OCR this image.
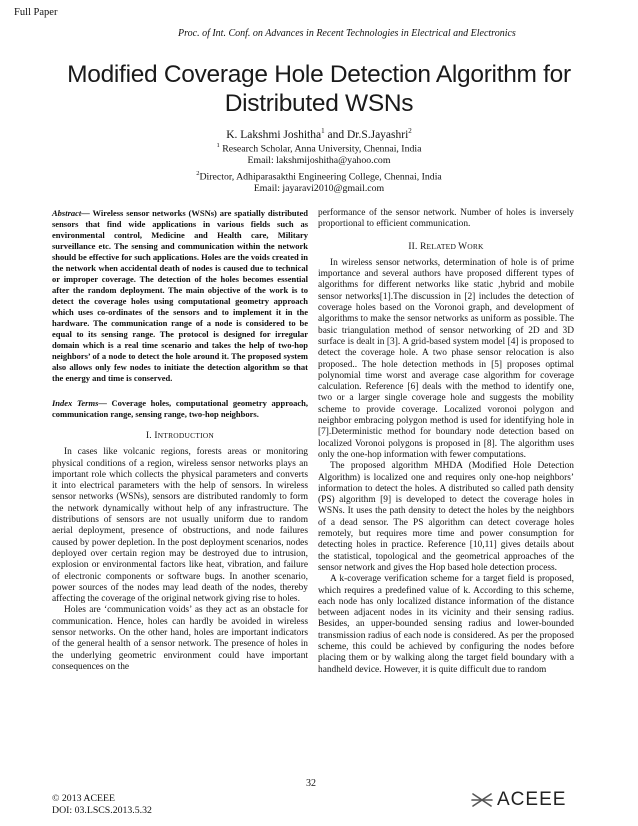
Full Paper
Proc. of Int. Conf. on Advances in Recent Technologies in Electrical and Electronics
Modified Coverage Hole Detection Algorithm for
Distributed WSNs
K. Lakshmi Joshitha$^1$ and Dr.S.Jayashri$^2$
$^1$ Research Scholar, Anna University, Chennai, India
Email: lakshmijoshitha@yahoo.com
$^2$Director, Adhiparasakthi Engineering College, Chennai, India
Email: jayaravi2010@gmail.com

Abstract— Wireless sensor networks (WSNs) are spatially distributed sensors that find wide applications in various fields such as environmental control, Medicine and Health care, Military surveillance etc. The sensing and communication within the network should be effective for such applications. Holes are the voids created in the network when accidental death of nodes is caused due to technical or improper coverage. The detection of the holes becomes essential after the random deployment. The main objective of the work is to detect the coverage holes using computational geometry approach which uses co-ordinates of the sensors and to implement it in the hardware. The communication range of a node is considered to be equal to its sensing range. The protocol is designed for irregular domain which is a real time scenario and takes the help of two-hop neighbors’ of a node to detect the hole around it. The proposed system also allows only few nodes to initiate the detection algorithm so that the energy and time is conserved.

Index Terms— Coverage holes, computational geometry approach, communication range, sensing range, two-hop neighbors.

I. INTRODUCTION

In cases like volcanic regions, forests areas or monitoring physical conditions of a region, wireless sensor networks plays an important role which collects the physical parameters and converts it into electrical parameters with the help of sensors. In wireless sensor networks (WSNs), sensors are distributed randomly to form the network dynamically without help of any infrastructure. The distributions of sensors are not usually uniform due to random aerial deployment, presence of obstructions, and node failures caused by power depletion. In the post deployment scenarios, nodes deployed over certain region may be destroyed due to intrusion, explosion or environmental factors like heat, vibration, and failure of electronic components or software bugs. In another scenario, power sources of the nodes may lead death of the nodes, thereby affecting the coverage of the original network giving rise to holes.

Holes are ‘communication voids’ as they act as an obstacle for communication. Hence, holes can hardly be avoided in wireless sensor networks. On the other hand, holes are important indicators of the general health of a sensor network. The presence of holes in the underlying geometric environment could have important consequences on the

performance of the sensor network. Number of holes is inversely proportional to efficient communication.

II. RELATED WORK

In wireless sensor networks, determination of hole is of prime importance and several authors have proposed different types of algorithms for different networks like static ,hybrid and mobile sensor networks[1].The discussion in [2] includes the detection of coverage holes based on the Voronoi graph, and development of algorithms to make the sensor networks as uniform as possible. The basic triangulation method of sensor networking of 2D and 3D surface is dealt in [3]. A grid-based system model [4] is proposed to detect the coverage hole. A two phase sensor relocation is also proposed.. The hole detection methods in [5] proposes optimal polynomial time worst and average case algorithm for coverage calculation. Reference [6] deals with the method to identify one, two or a larger single coverage hole and suggests the mobility scheme to provide coverage. Localized voronoi polygon and neighbor embracing polygon method is used for identifying hole in [7].Deterministic method for boundary node detection based on localized Voronoi polygons is proposed in [8]. The algorithm uses only the one-hop information with fewer computations.

The proposed algorithm MHDA (Modified Hole Detection Algorithm) is localized one and requires only one-hop neighbors’ information to detect the holes. A distributed so called path density (PS) algorithm [9] is developed to detect the coverage holes in WSNs. It uses the path density to detect the holes by the neighbors of a dead sensor. The PS algorithm can detect coverage holes remotely, but requires more time and power consumption for detecting holes in practice. Reference [10,11] gives details about the statistical, topological and the geometrical approaches of the sensor network and gives the Hop based hole detection process.

A k-coverage verification scheme for a target field is proposed, which requires a predefined value of k. According to this scheme, each node has only localized distance information of the distance between adjacent nodes in its vicinity and their sensing radius. Besides, an upper-bounded sensing radius and lower-bounded transmission radius of each node is considered. As per the proposed scheme, this could be achieved by configuring the nodes before placing them or by walking along the target field boundary with a handheld device. However, it is quite difficult due to random

32
© 2013 ACEEE
DOI: 03.LSCS.2013.5.32
ACEEE
